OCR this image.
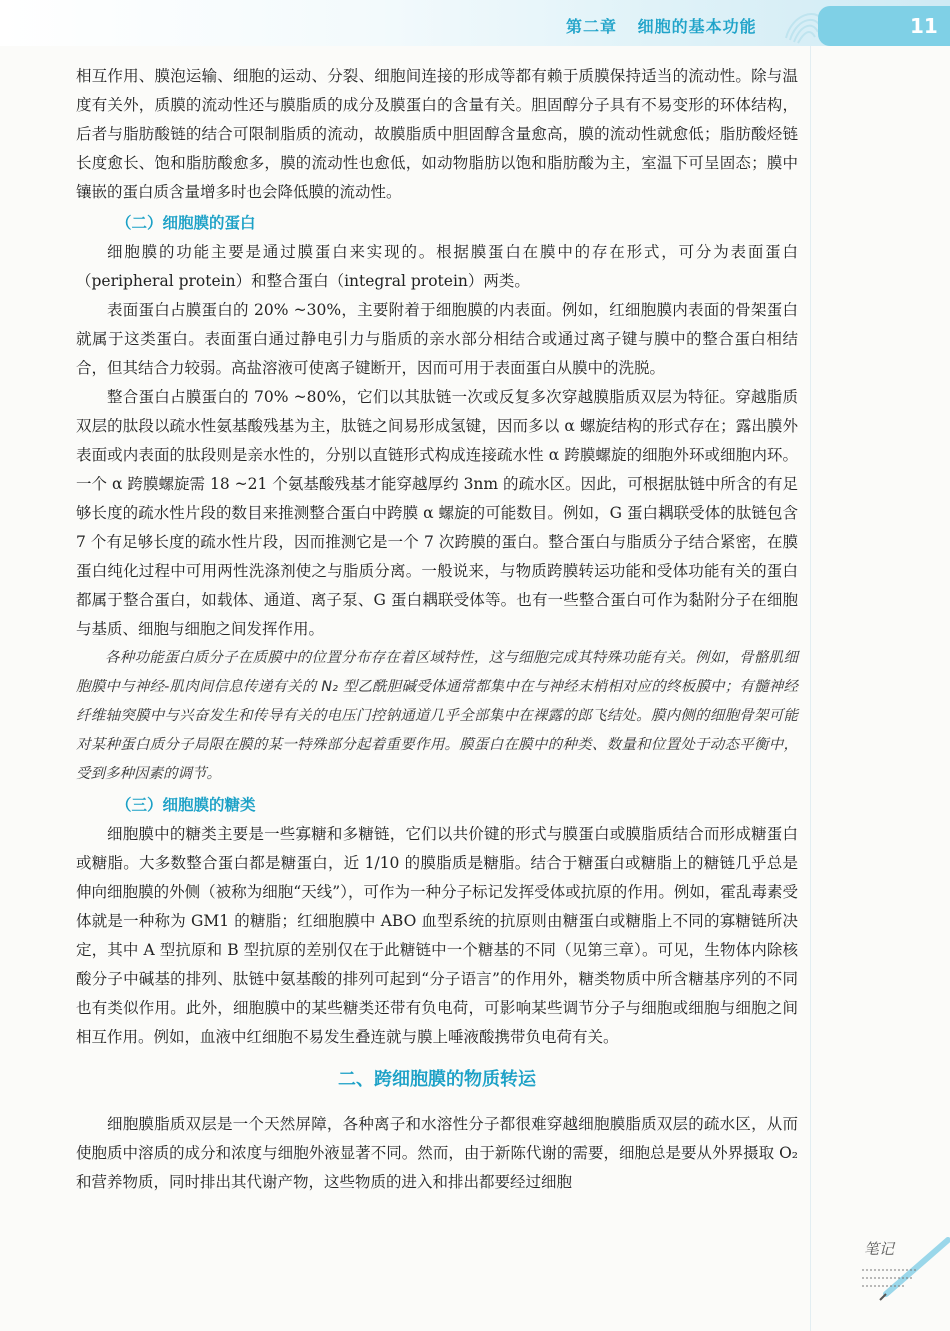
第二章 细胞的基本功能	11

相互作用、膜泡运输、细胞的运动、分裂、细胞间连接的形成等都有赖于质膜保持适当的流动性。除与温度有关外，质膜的流动性还与膜脂质的成分及膜蛋白的含量有关。胆固醇分子具有不易变形的环体结构，后者与脂肪酸链的结合可限制脂质的流动，故膜脂质中胆固醇含量愈高，膜的流动性就愈低；脂肪酸烃链长度愈长、饱和脂肪酸愈多，膜的流动性也愈低，如动物脂肪以饱和脂肪酸为主，室温下可呈固态；膜中镶嵌的蛋白质含量增多时也会降低膜的流动性。

（二）细胞膜的蛋白

细胞膜的功能主要是通过膜蛋白来实现的。根据膜蛋白在膜中的存在形式，可分为表面蛋白（peripheral protein）和整合蛋白（integral protein）两类。

表面蛋白占膜蛋白的 20% ~30%，主要附着于细胞膜的内表面。例如，红细胞膜内表面的骨架蛋白就属于这类蛋白。表面蛋白通过静电引力与脂质的亲水部分相结合或通过离子键与膜中的整合蛋白相结合，但其结合力较弱。高盐溶液可使离子键断开，因而可用于表面蛋白从膜中的洗脱。

整合蛋白占膜蛋白的 70% ~80%，它们以其肽链一次或反复多次穿越膜脂质双层为特征。穿越脂质双层的肽段以疏水性氨基酸残基为主，肽链之间易形成氢键，因而多以 α 螺旋结构的形式存在；露出膜外表面或内表面的肽段则是亲水性的，分别以直链形式构成连接疏水性 α 跨膜螺旋的细胞外环或细胞内环。一个 α 跨膜螺旋需 18 ~21 个氨基酸残基才能穿越厚约 3nm 的疏水区。因此，可根据肽链中所含的有足够长度的疏水性片段的数目来推测整合蛋白中跨膜 α 螺旋的可能数目。例如，G 蛋白耦联受体的肽链包含 7 个有足够长度的疏水性片段，因而推测它是一个 7 次跨膜的蛋白。整合蛋白与脂质分子结合紧密，在膜蛋白纯化过程中可用两性洗涤剂使之与脂质分离。一般说来，与物质跨膜转运功能和受体功能有关的蛋白都属于整合蛋白，如载体、通道、离子泵、G 蛋白耦联受体等。也有一些整合蛋白可作为黏附分子在细胞与基质、细胞与细胞之间发挥作用。

各种功能蛋白质分子在质膜中的位置分布存在着区域特性，这与细胞完成其特殊功能有关。例如，骨骼肌细胞膜中与神经-肌肉间信息传递有关的 N₂ 型乙酰胆碱受体通常都集中在与神经末梢相对应的终板膜中；有髓神经纤维轴突膜中与兴奋发生和传导有关的电压门控钠通道几乎全部集中在裸露的郎飞结处。膜内侧的细胞骨架可能对某种蛋白质分子局限在膜的某一特殊部分起着重要作用。膜蛋白在膜中的种类、数量和位置处于动态平衡中，受到多种因素的调节。

（三）细胞膜的糖类

细胞膜中的糖类主要是一些寡糖和多糖链，它们以共价键的形式与膜蛋白或膜脂质结合而形成糖蛋白或糖脂。大多数整合蛋白都是糖蛋白，近 1/10 的膜脂质是糖脂。结合于糖蛋白或糖脂上的糖链几乎总是伸向细胞膜的外侧（被称为细胞“天线”），可作为一种分子标记发挥受体或抗原的作用。例如，霍乱毒素受体就是一种称为 GM1 的糖脂；红细胞膜中 ABO 血型系统的抗原则由糖蛋白或糖脂上不同的寡糖链所决定，其中 A 型抗原和 B 型抗原的差别仅在于此糖链中一个糖基的不同（见第三章）。可见，生物体内除核酸分子中碱基的排列、肽链中氨基酸的排列可起到“分子语言”的作用外，糖类物质中所含糖基序列的不同也有类似作用。此外，细胞膜中的某些糖类还带有负电荷，可影响某些调节分子与细胞或细胞与细胞之间相互作用。例如，血液中红细胞不易发生叠连就与膜上唾液酸携带负电荷有关。

二、跨细胞膜的物质转运

细胞膜脂质双层是一个天然屏障，各种离子和水溶性分子都很难穿越细胞膜脂质双层的疏水区，从而使胞质中溶质的成分和浓度与细胞外液显著不同。然而，由于新陈代谢的需要，细胞总是要从外界摄取 O₂ 和营养物质，同时排出其代谢产物，这些物质的进入和排出都要经过细胞

笔记
